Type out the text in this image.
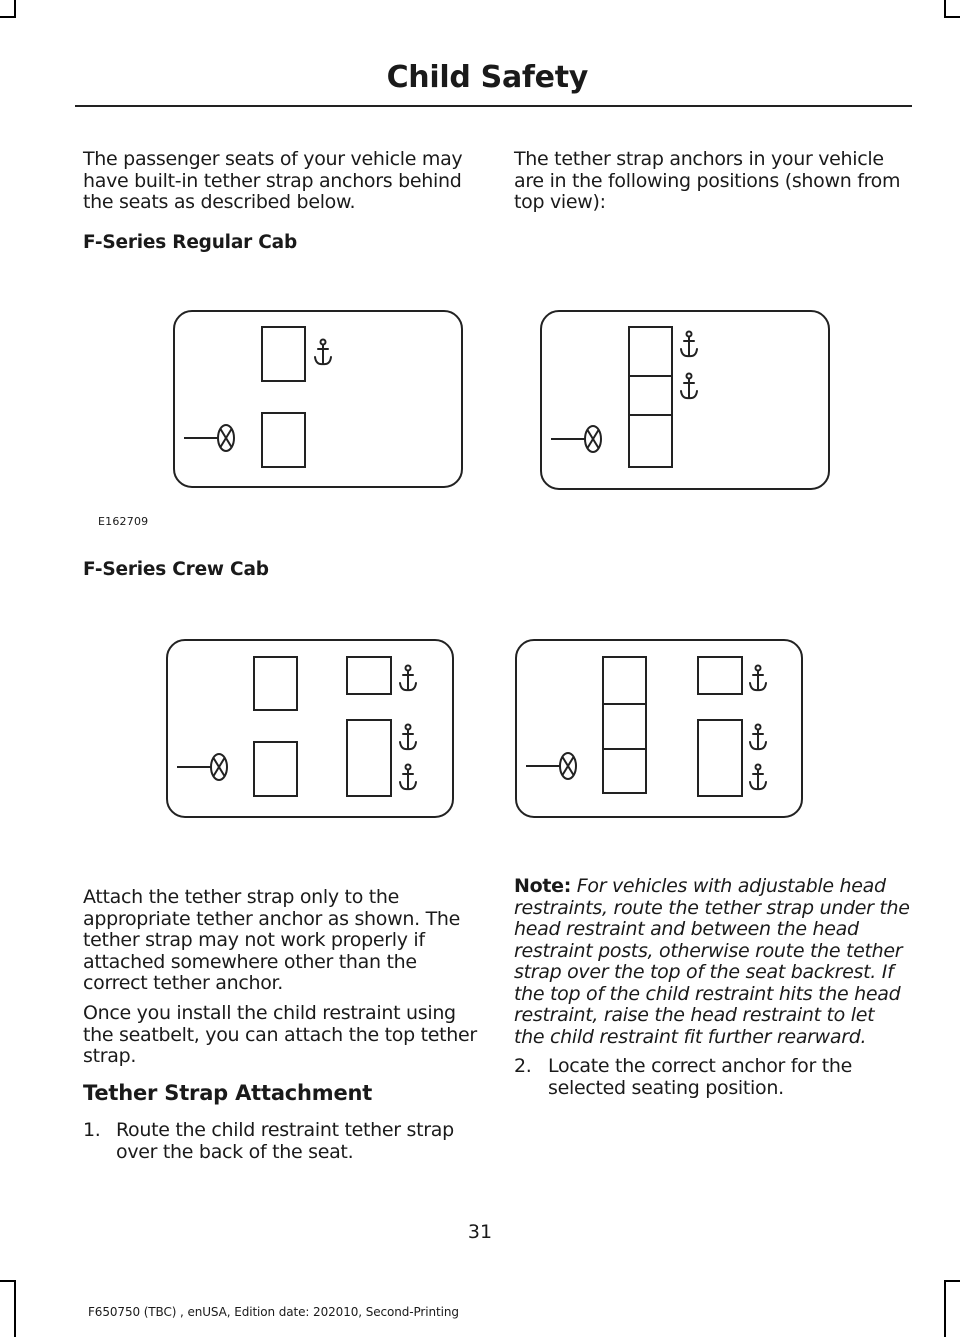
Child Safety
The passenger seats of your vehicle may have built-in tether strap anchors behind the seats as described below.
F-Series Regular Cab
The tether strap anchors in your vehicle are in the following positions (shown from top view):
E162709
F-Series Crew Cab
Attach the tether strap only to the appropriate tether anchor as shown. The tether strap may not work properly if attached somewhere other than the correct tether anchor.
Once you install the child restraint using the seatbelt, you can attach the top tether strap.
Tether Strap Attachment
1. Route the child restraint tether strap over the back of the seat.
Note: For vehicles with adjustable head restraints, route the tether strap under the head restraint and between the head restraint posts, otherwise route the tether strap over the top of the seat backrest. If the top of the child restraint hits the head restraint, raise the head restraint to let the child restraint fit further rearward.
2. Locate the correct anchor for the selected seating position.
31
F650750 (TBC) , enUSA, Edition date: 202010, Second-Printing
